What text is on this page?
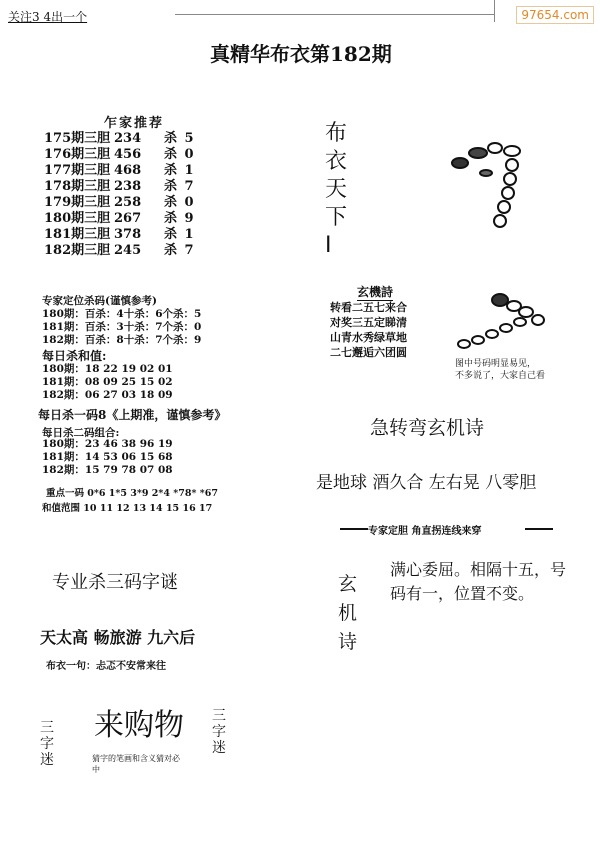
关注3 4出一个	97654.com
真精华布衣第182期
乍家推荐
175期三胆 234 杀 5
176期三胆 456 杀 0
177期三胆 468 杀 1
178期三胆 238 杀 7
179期三胆 258 杀 0
180期三胆 267 杀 9
181期三胆 378 杀 1
182期三胆 245 杀 7
专家定位杀码(谨慎参考)
180期：百杀：4十杀：6个杀：5
181期：百杀：3十杀：7个杀：0
182期：百杀：8十杀：7个杀：9
每日杀和值:
180期：18 22 19 02 01
181期：08 09 25 15 02
182期：06 27 03 18 09
每日杀一码8《上期准，谨慎参考》
每日杀二码组合:
180期：23 46 38 96 19
181期：14 53 06 15 68
182期：15 79 78 07 08
重点一码 0*6 1*5 3*9 2*4 *78* *67
和值范围 10 11 12 13 14 15 16 17
专业杀三码字谜
天太高 畅旅游 九六后
布衣一句：忐忑不安常来往
三字迷
来购物 三字迷
猜字的笔画和含义猜对必中
布衣天下I
玄機詩
转看二五七来合
对奖三五定睇清
山青水秀绿草地
二七邂逅六团圆
图中号码明显易见，
不多说了，大家自己看
急转弯玄机诗
是地球 酒久合 左右晃 八零胆
专家定胆 角直拐连线来穿
玄机诗
满心委屈。相隔十五，号码有一，位置不变。
